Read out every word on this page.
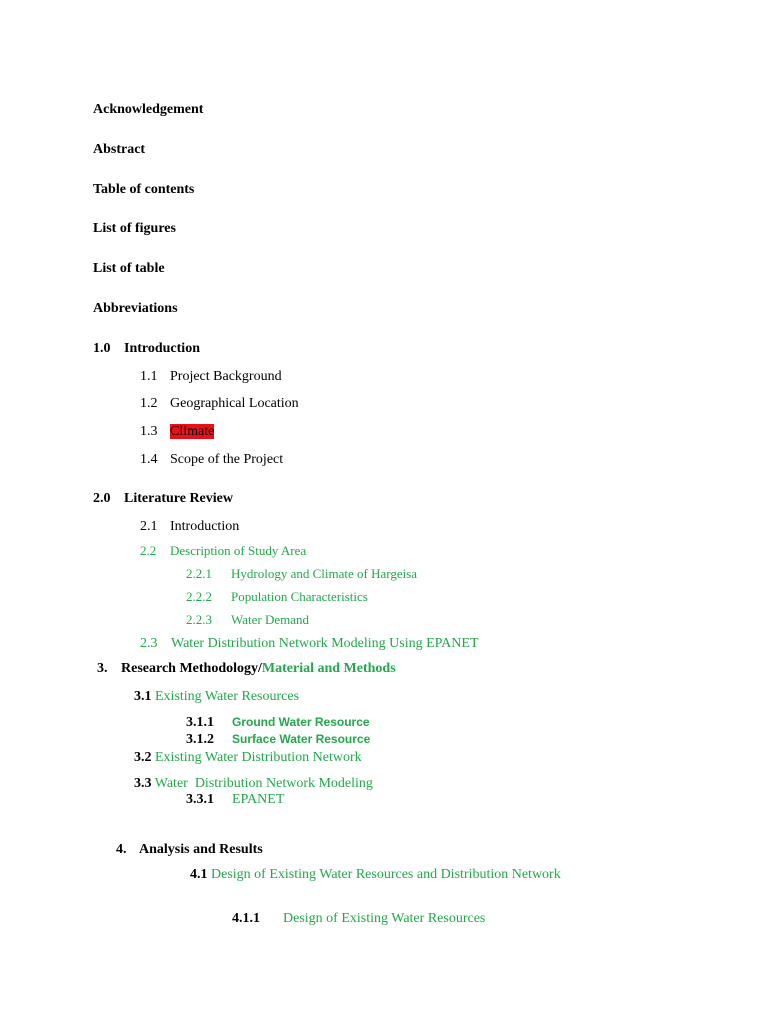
Acknowledgement
Abstract
Table of contents
List of figures
List of table
Abbreviations
1.0 Introduction
1.1 Project Background
1.2 Geographical Location
1.3 Climate
1.4 Scope of the Project
2.0 Literature Review
2.1 Introduction
2.2 Description of Study Area
2.2.1 Hydrology and Climate of Hargeisa
2.2.2 Population Characteristics
2.2.3 Water Demand
2.3 Water Distribution Network Modeling Using EPANET
3. Research Methodology/Material and Methods
3.1 Existing Water Resources
3.1.1 Ground Water Resource
3.1.2 Surface Water Resource
3.2 Existing Water Distribution Network
3.3 Water  Distribution Network Modeling
3.3.1 EPANET
4. Analysis and Results
4.1 Design of Existing Water Resources and Distribution Network
4.1.1 Design of Existing Water Resources
